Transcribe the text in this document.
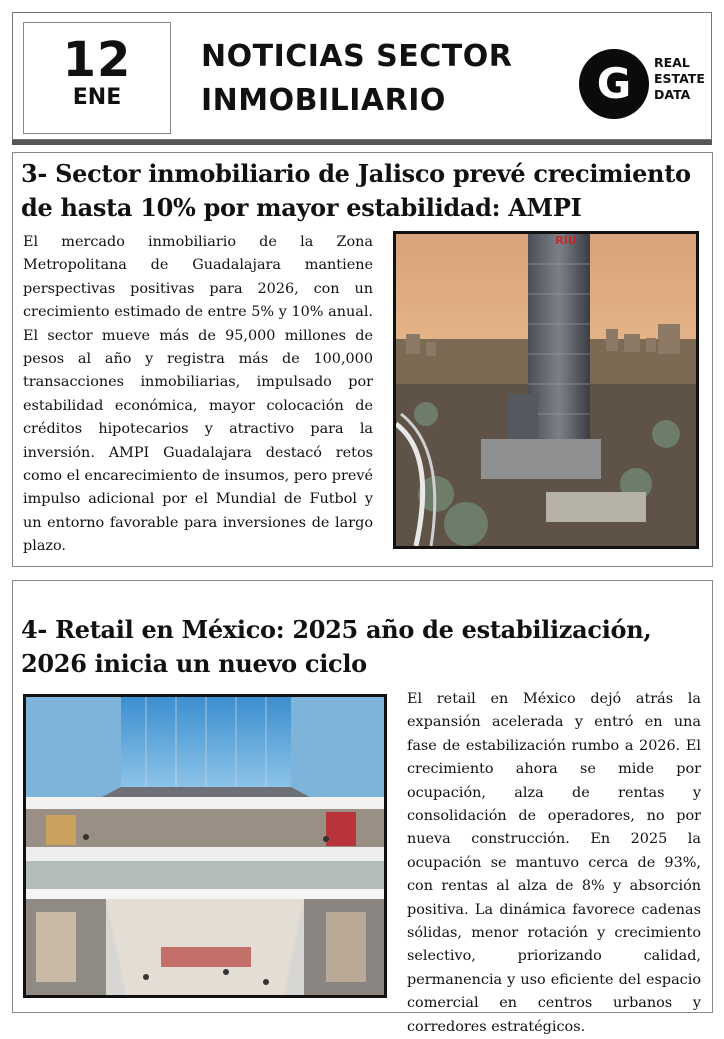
12
ENE
NOTICIAS SECTOR
INMOBILIARIO	G	REAL
ESTATE
DATA
3- Sector inmobiliario de Jalisco prevé crecimiento de hasta 10% por mayor estabilidad: AMPI

El mercado inmobiliario de la Zona Metropolitana de Guadalajara mantiene perspectivas positivas para 2026, con un crecimiento estimado de entre 5% y 10% anual. El sector mueve más de 95,000 millones de pesos al año y registra más de 100,000 transacciones inmobiliarias, impulsado por estabilidad económica, mayor colocación de créditos hipotecarios y atractivo para la inversión. AMPI Guadalajara destacó retos como el encarecimiento de insumos, pero prevé impulso adicional por el Mundial de Futbol y un entorno favorable para inversiones de largo plazo.

RIU
4- Retail en México: 2025 año de estabilización, 2026 inicia un nuevo ciclo

El retail en México dejó atrás la expansión acelerada y entró en una fase de estabilización rumbo a 2026. El crecimiento ahora se mide por ocupación, alza de rentas y consolidación de operadores, no por nueva construcción. En 2025 la ocupación se mantuvo cerca de 93%, con rentas al alza de 8% y absorción positiva. La dinámica favorece cadenas sólidas, menor rotación y crecimiento selectivo, priorizando calidad, permanencia y uso eficiente del espacio comercial en centros urbanos y corredores estratégicos.
